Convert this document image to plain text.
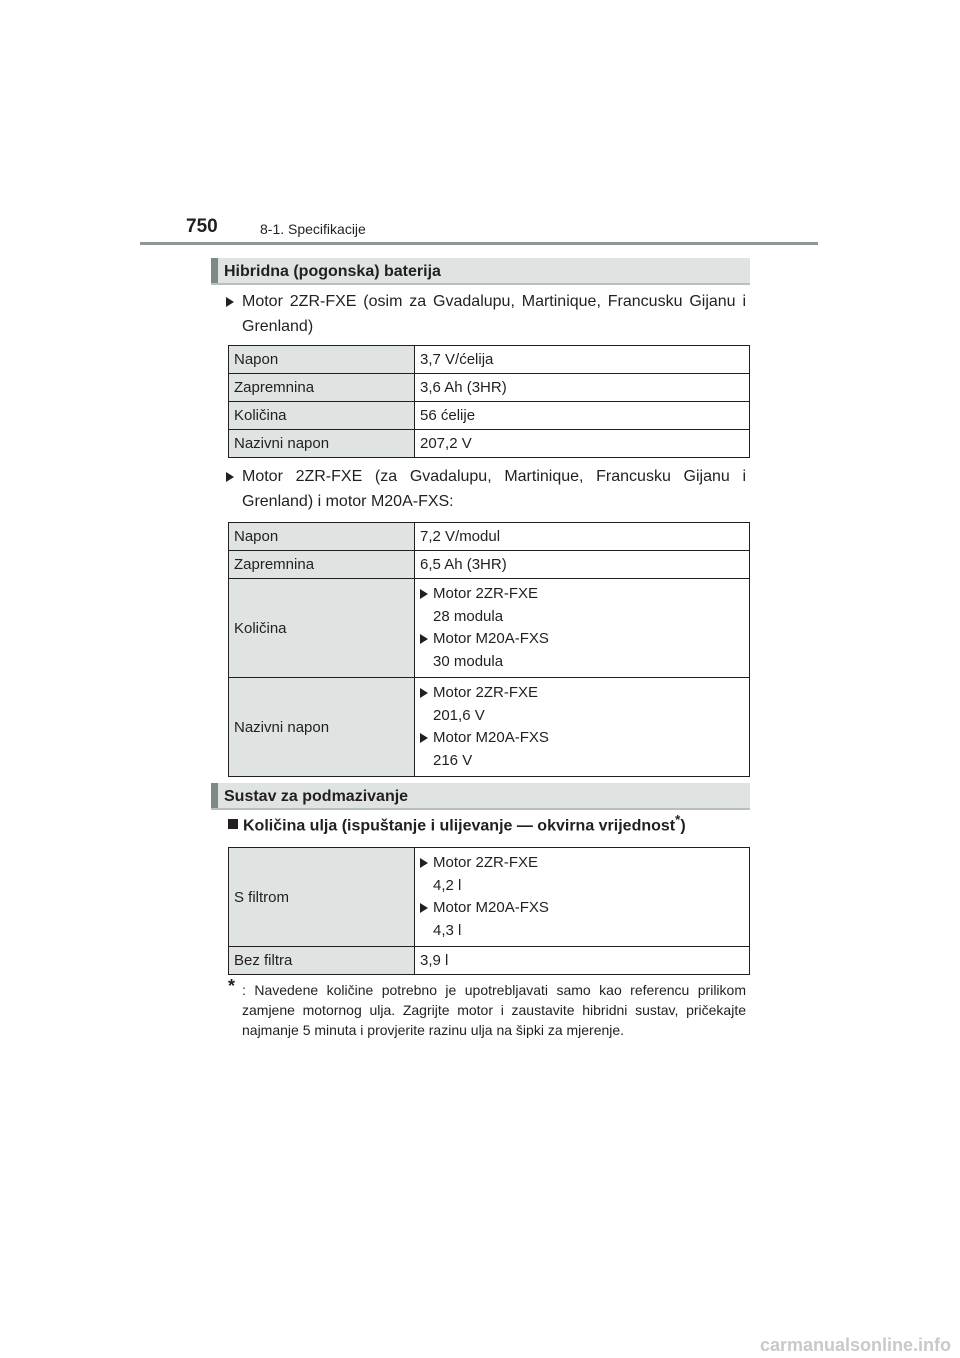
750	8-1. Specifikacije
Hibridna (pogonska) baterija
Motor 2ZR-FXE (osim za Gvadalupu, Martinique, Francusku Gijanu i Grenland)
Napon	3,7 V/ćelija
Zapremnina	3,6 Ah (3HR)
Količina	56 ćelije
Nazivni napon	207,2 V
Motor 2ZR-FXE (za Gvadalupu, Martinique, Francusku Gijanu i Grenland) i motor M20A-FXS:
Napon	7,2 V/modul
Zapremnina	6,5 Ah (3HR)
Količina	Motor 2ZR-FXE
28 modula
Motor M20A-FXS
30 modula

Nazivni napon	Motor 2ZR-FXE
201,6 V
Motor M20A-FXS
216 V
Sustav za podmazivanje
Količina ulja (ispuštanje i ulijevanje — okvirna vrijednost*)
S filtrom	Motor 2ZR-FXE
4,2 l
Motor M20A-FXS
4,3 l

Bez filtra	3,9 l
* : Navedene količine potrebno je upotrebljavati samo kao referencu prilikom zamjene motornog ulja. Zagrijte motor i zaustavite hibridni sustav, pričekajte najmanje 5 minuta i provjerite razinu ulja na šipki za mjerenje.
carmanualsonline.info
